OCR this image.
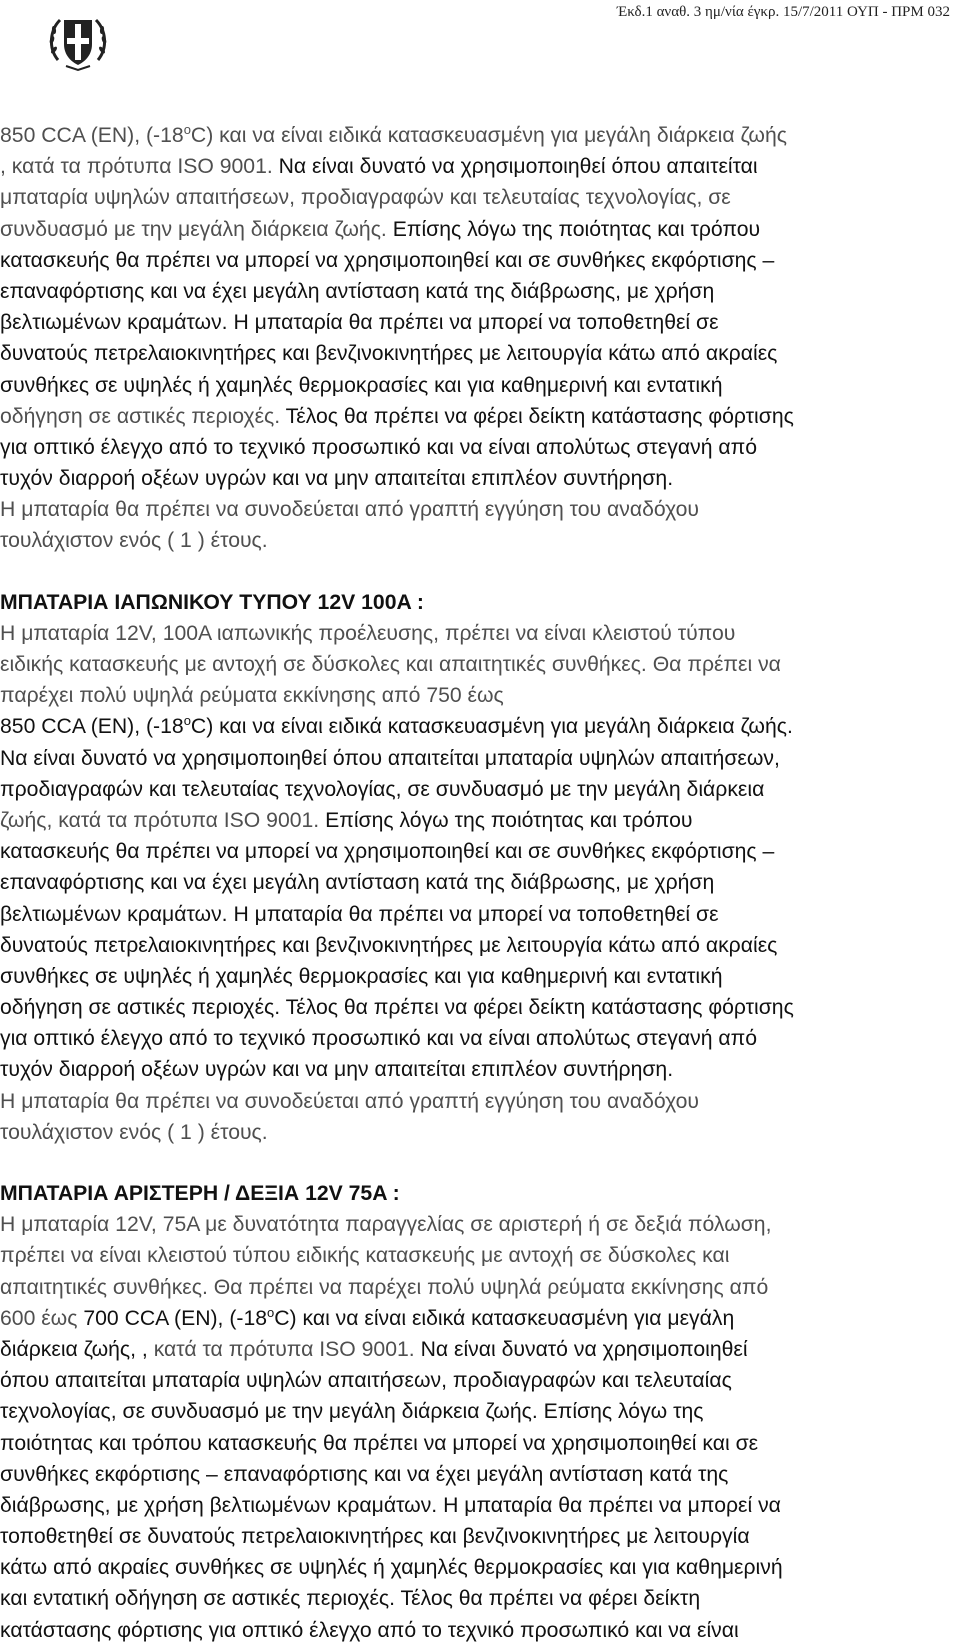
Έκδ.1 αναθ. 3 ημ/νία έγκρ. 15/7/2011 ΟΥΠ - ΠΡΜ 032
850 CCA (EN), (-18$^o$C) και να είναι ειδικά κατασκευασμένη για μεγάλη διάρκεια ζωής
, κατά τα πρότυπα ISO 9001. Να είναι δυνατό να χρησιμοποιηθεί όπου απαιτείται
μπαταρία υψηλών απαιτήσεων, προδιαγραφών και τελευταίας τεχνολογίας, σε
συνδυασμό με την μεγάλη διάρκεια ζωής. Επίσης λόγω της ποιότητας και τρόπου
κατασκευής θα πρέπει να μπορεί να χρησιμοποιηθεί και σε συνθήκες εκφόρτισης –
επαναφόρτισης και να έχει μεγάλη αντίσταση κατά της διάβρωσης, με χρήση
βελτιωμένων κραμάτων. Η μπαταρία θα πρέπει να μπορεί να τοποθετηθεί σε
δυνατούς πετρελαιοκινητήρες και βενζινοκινητήρες με λειτουργία κάτω από ακραίες
συνθήκες σε υψηλές ή χαμηλές θερμοκρασίες και για καθημερινή και εντατική
οδήγηση σε αστικές περιοχές. Τέλος θα πρέπει να φέρει δείκτη κατάστασης φόρτισης
για οπτικό έλεγχο από το τεχνικό προσωπικό και να είναι απολύτως στεγανή από
τυχόν διαρροή οξέων υγρών και να μην απαιτείται επιπλέον συντήρηση.
Η μπαταρία θα πρέπει να συνοδεύεται από γραπτή εγγύηση του αναδόχου
τουλάχιστον ενός ( 1 ) έτους.
ΜΠΑΤΑΡΙΑ ΙΑΠΩΝΙΚΟΥ ΤΥΠΟΥ 12V 100A :
Η μπαταρία 12V, 100A ιαπωνικής προέλευσης, πρέπει να είναι κλειστού τύπου
ειδικής κατασκευής με αντοχή σε δύσκολες και απαιτητικές συνθήκες. Θα πρέπει να
παρέχει πολύ υψηλά ρεύματα εκκίνησης από 750 έως
850 CCA (EN), (-18$^o$C) και να είναι ειδικά κατασκευασμένη για μεγάλη διάρκεια ζωής.
Να είναι δυνατό να χρησιμοποιηθεί όπου απαιτείται μπαταρία υψηλών απαιτήσεων,
προδιαγραφών και τελευταίας τεχνολογίας, σε συνδυασμό με την μεγάλη διάρκεια
ζωής, κατά τα πρότυπα ISO 9001. Επίσης λόγω της ποιότητας και τρόπου
κατασκευής θα πρέπει να μπορεί να χρησιμοποιηθεί και σε συνθήκες εκφόρτισης –
επαναφόρτισης και να έχει μεγάλη αντίσταση κατά της διάβρωσης, με χρήση
βελτιωμένων κραμάτων. Η μπαταρία θα πρέπει να μπορεί να τοποθετηθεί σε
δυνατούς πετρελαιοκινητήρες και βενζινοκινητήρες με λειτουργία κάτω από ακραίες
συνθήκες σε υψηλές ή χαμηλές θερμοκρασίες και για καθημερινή και εντατική
οδήγηση σε αστικές περιοχές. Τέλος θα πρέπει να φέρει δείκτη κατάστασης φόρτισης
για οπτικό έλεγχο από το τεχνικό προσωπικό και να είναι απολύτως στεγανή από
τυχόν διαρροή οξέων υγρών και να μην απαιτείται επιπλέον συντήρηση.
Η μπαταρία θα πρέπει να συνοδεύεται από γραπτή εγγύηση του αναδόχου
τουλάχιστον ενός ( 1 ) έτους.
ΜΠΑΤΑΡΙΑ ΑΡΙΣΤΕΡΗ / ΔΕΞΙΑ 12V 75A :
Η μπαταρία 12V, 75A με δυνατότητα παραγγελίας σε αριστερή ή σε δεξιά πόλωση,
πρέπει να είναι κλειστού τύπου ειδικής κατασκευής με αντοχή σε δύσκολες και
απαιτητικές συνθήκες. Θα πρέπει να παρέχει πολύ υψηλά ρεύματα εκκίνησης από
600 έως 700 CCA (EN), (-18$^o$C) και να είναι ειδικά κατασκευασμένη για μεγάλη
διάρκεια ζωής, , κατά τα πρότυπα ISO 9001. Να είναι δυνατό να χρησιμοποιηθεί
όπου απαιτείται μπαταρία υψηλών απαιτήσεων, προδιαγραφών και τελευταίας
τεχνολογίας, σε συνδυασμό με την μεγάλη διάρκεια ζωής. Επίσης λόγω της
ποιότητας και τρόπου κατασκευής θα πρέπει να μπορεί να χρησιμοποιηθεί και σε
συνθήκες εκφόρτισης – επαναφόρτισης και να έχει μεγάλη αντίσταση κατά της
διάβρωσης, με χρήση βελτιωμένων κραμάτων. Η μπαταρία θα πρέπει να μπορεί να
τοποθετηθεί σε δυνατούς πετρελαιοκινητήρες και βενζινοκινητήρες με λειτουργία
κάτω από ακραίες συνθήκες σε υψηλές ή χαμηλές θερμοκρασίες και για καθημερινή
και εντατική οδήγηση σε αστικές περιοχές. Τέλος θα πρέπει να φέρει δείκτη
κατάστασης φόρτισης για οπτικό έλεγχο από το τεχνικό προσωπικό και να είναι
